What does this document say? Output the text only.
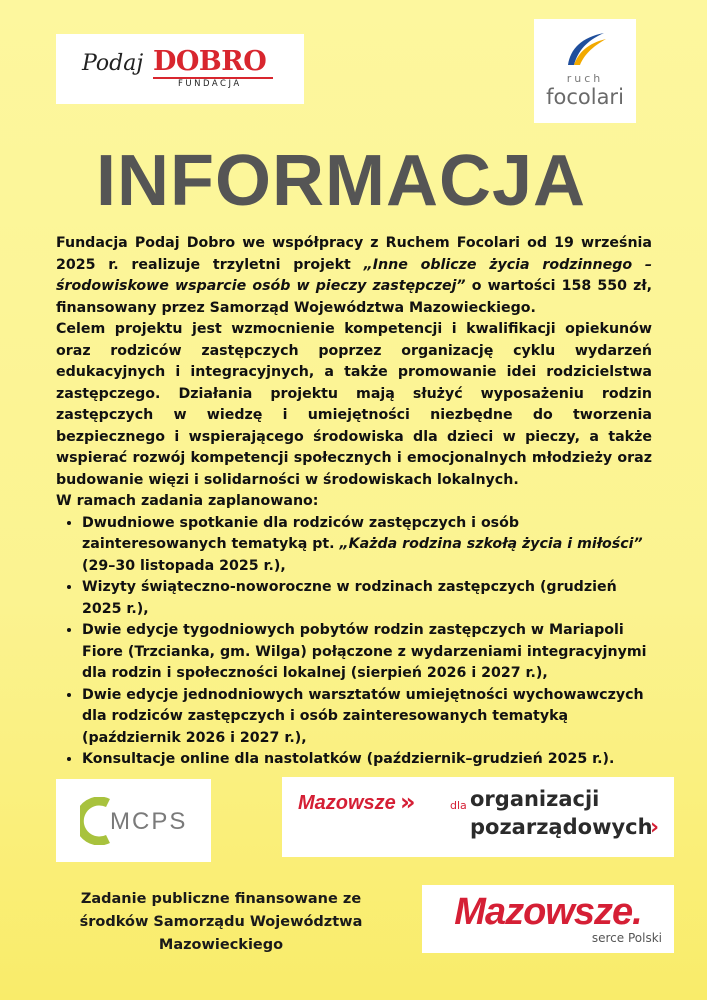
Podaj DOBRO
FUNDACJA	ruch
focolari
INFORMACJA

Fundacja Podaj Dobro we współpracy z Ruchem Focolari od 19 września 2025 r. realizuje trzyletni projekt „Inne oblicze życia rodzinnego – środowiskowe wsparcie osób w pieczy zastępczej” o wartości 158 550 zł, finansowany przez Samorząd Województwa Mazowieckiego.

Celem projektu jest wzmocnienie kompetencji i kwalifikacji opiekunów oraz rodziców zastępczych poprzez organizację cyklu wydarzeń edukacyjnych i integracyjnych, a także promowanie idei rodzicielstwa zastępczego. Działania projektu mają służyć wyposażeniu rodzin zastępczych w wiedzę i umiejętności niezbędne do tworzenia bezpiecznego i wspierającego środowiska dla dzieci w pieczy, a także wspierać rozwój kompetencji społecznych i emocjonalnych młodzieży oraz budowanie więzi i solidarności w środowiskach lokalnych.

W ramach zadania zaplanowano:

• Dwudniowe spotkanie dla rodziców zastępczych i osób zainteresowanych tematyką pt. „Każda rodzina szkołą życia i miłości” (29–30 listopada 2025 r.),
• Wizyty świąteczno-noworoczne w rodzinach zastępczych (grudzień 2025 r.),
• Dwie edycje tygodniowych pobytów rodzin zastępczych w Mariapoli Fiore (Trzcianka, gm. Wilga) połączone z wydarzeniami integracyjnymi dla rodzin i społeczności lokalnej (sierpień 2026 i 2027 r.),
• Dwie edycje jednodniowych warsztatów umiejętności wychowawczych dla rodziców zastępczych i osób zainteresowanych tematyką (październik 2026 i 2027 r.),
• Konsultacje online dla nastolatków (październik–grudzień 2025 r.).
MCPS
Mazowsze »	dla organizacji
pozarządowych
›
Zadanie publiczne finansowane ze
środków Samorządu Województwa
Mazowieckiego
Mazowsze.
serce Polski
